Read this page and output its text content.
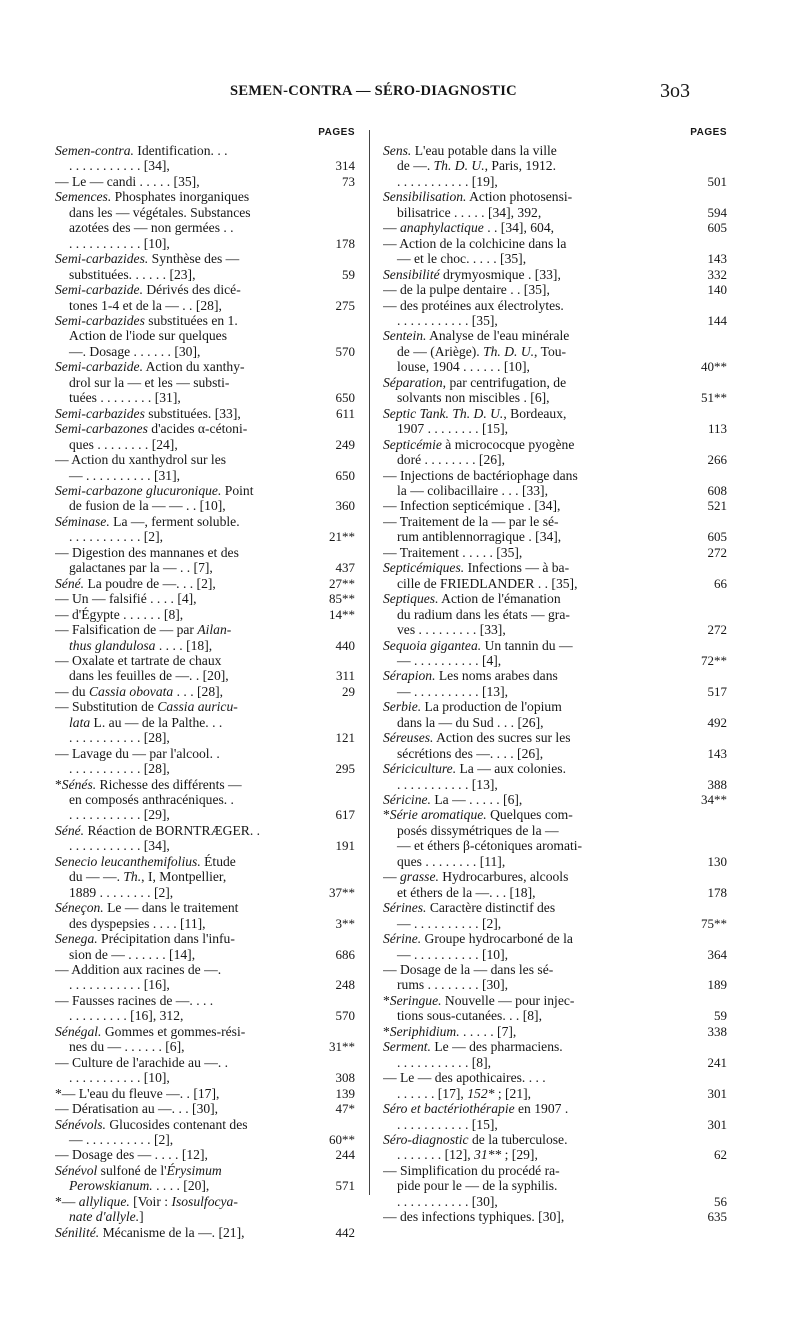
SEMEN-CONTRA — SÉRO-DIAGNOSTIC	3o3
PAGES
Semen-contra. Identification. . .
. . . . . . . . . . . [34],	314
— Le — candi . . . . . [35],	73
Semences. Phosphates inorganiques
dans les — végétales. Substances
azotées des — non germées . .
. . . . . . . . . . . [10],	178
Semi-carbazides. Synthèse des —
substituées. . . . . . [23],	59
Semi-carbazide. Dérivés des dicé-
tones 1-4 et de la — . . [28],	275
Semi-carbazides substituées en 1.
Action de l'iode sur quelques
—. Dosage . . . . . . [30],	570
Semi-carbazide. Action du xanthy-
drol sur la — et les — substi-
tuées . . . . . . . . [31],	650
Semi-carbazides substituées. [33],	611
Semi-carbazones d'acides α-cétoni-
ques . . . . . . . . [24],	249
— Action du xanthydrol sur les
— . . . . . . . . . . [31],	650
Semi-carbazone glucuronique. Point
de fusion de la — — . . [10],	360
Séminase. La —, ferment soluble.
. . . . . . . . . . . [2],	21**
— Digestion des mannanes et des
galactanes par la — . . [7],	437
Séné. La poudre de —. . . [2],	27**
— Un — falsifié . . . . [4],	85**
— d'Égypte . . . . . . [8],	14**
— Falsification de — par Ailan-
thus glandulosa . . . . [18],	440
— Oxalate et tartrate de chaux
dans les feuilles de —. . [20],	311
— du Cassia obovata . . . [28],	29
— Substitution de Cassia auricu-
lata L. au — de la Palthe. . .
. . . . . . . . . . . [28],	121
— Lavage du — par l'alcool. .
. . . . . . . . . . . [28],	295
*Sénés. Richesse des différents —
en composés anthracéniques. .
. . . . . . . . . . . [29],	617
Séné. Réaction de BORNTRÆGER. .
. . . . . . . . . . . [34],	191
Senecio leucanthemifolius. Étude
du — —. Th., I, Montpellier,
1889 . . . . . . . . [2],	37**
Séneçon. Le — dans le traitement
des dyspepsies . . . . [11],	3**
Senega. Précipitation dans l'infu-
sion de — . . . . . . [14],	686
— Addition aux racines de —.
. . . . . . . . . . . [16],	248
— Fausses racines de —. . . .
. . . . . . . . . [16], 312,	570
Sénégal. Gommes et gommes-rési-
nes du — . . . . . . [6],	31**
— Culture de l'arachide au —. .
. . . . . . . . . . . [10],	308
*— L'eau du fleuve —. . [17],	139
— Dératisation au —. . . [30],	47*
Sénévols. Glucosides contenant des
— . . . . . . . . . . [2],	60**
— Dosage des — . . . . [12],	244
Sénévol sulfoné de l'Érysimum
Perowskianum. . . . . [20],	571
*— allylique. [Voir : Isosulfocya-
nate d'allyle.]
Sénilité. Mécanisme de la —. [21],	442
PAGES
Sens. L'eau potable dans la ville
de —. Th. D. U., Paris, 1912.
. . . . . . . . . . . [19],	501
Sensibilisation. Action photosensi-
bilisatrice . . . . . [34], 392,	594
— anaphylactique . . [34], 604,	605
— Action de la colchicine dans la
— et le choc. . . . . [35],	143
Sensibilité drymyosmique . [33],	332
— de la pulpe dentaire . . [35],	140
— des protéines aux électrolytes.
. . . . . . . . . . . [35],	144
Sentein. Analyse de l'eau minérale
de — (Ariège). Th. D. U., Tou-
louse, 1904 . . . . . . [10],	40**
Séparation, par centrifugation, de
solvants non miscibles . [6],	51**
Septic Tank. Th. D. U., Bordeaux,
1907 . . . . . . . . [15],	113
Septicémie à micrococque pyogène
doré . . . . . . . . [26],	266
— Injections de bactériophage dans
la — colibacillaire . . . [33],	608
— Infection septicémique . [34],	521
— Traitement de la — par le sé-
rum antiblennorragique . [34],	605
— Traitement . . . . . [35],	272
Septicémiques. Infections — à ba-
cille de FRIEDLANDER . . [35],	66
Septiques. Action de l'émanation
du radium dans les états — gra-
ves . . . . . . . . . [33],	272
Sequoia gigantea. Un tannin du —
— . . . . . . . . . . [4],	72**
Sérapion. Les noms arabes dans
— . . . . . . . . . . [13],	517
Serbie. La production de l'opium
dans la — du Sud . . . [26],	492
Séreuses. Action des sucres sur les
sécrétions des —. . . . [26],	143
Sériciculture. La — aux colonies.
. . . . . . . . . . . [13],	388
Séricine. La — . . . . . [6],	34**
*Série aromatique. Quelques com-
posés dissymétriques de la —
— et éthers β-cétoniques aromati-
ques . . . . . . . . [11],	130
— grasse. Hydrocarbures, alcools
et éthers de la —. . . [18],	178
Sérines. Caractère distinctif des
— . . . . . . . . . . [2],	75**
Sérine. Groupe hydrocarboné de la
— . . . . . . . . . . [10],	364
— Dosage de la — dans les sé-
rums . . . . . . . . [30],	189
*Seringue. Nouvelle — pour injec-
tions sous-cutanées. . . [8],	59
*Seriphidium. . . . . . [7],	338
Serment. Le — des pharmaciens.
. . . . . . . . . . . [8],	241
— Le — des apothicaires. . . .
. . . . . . [17], 152* ; [21],	301
Séro et bactériothérapie en 1907 .
. . . . . . . . . . . [15],	301
Séro-diagnostic de la tuberculose.
. . . . . . . [12], 31** ; [29],	62
— Simplification du procédé ra-
pide pour le — de la syphilis.
. . . . . . . . . . . [30],	56
— des infections typhiques. [30],	635
